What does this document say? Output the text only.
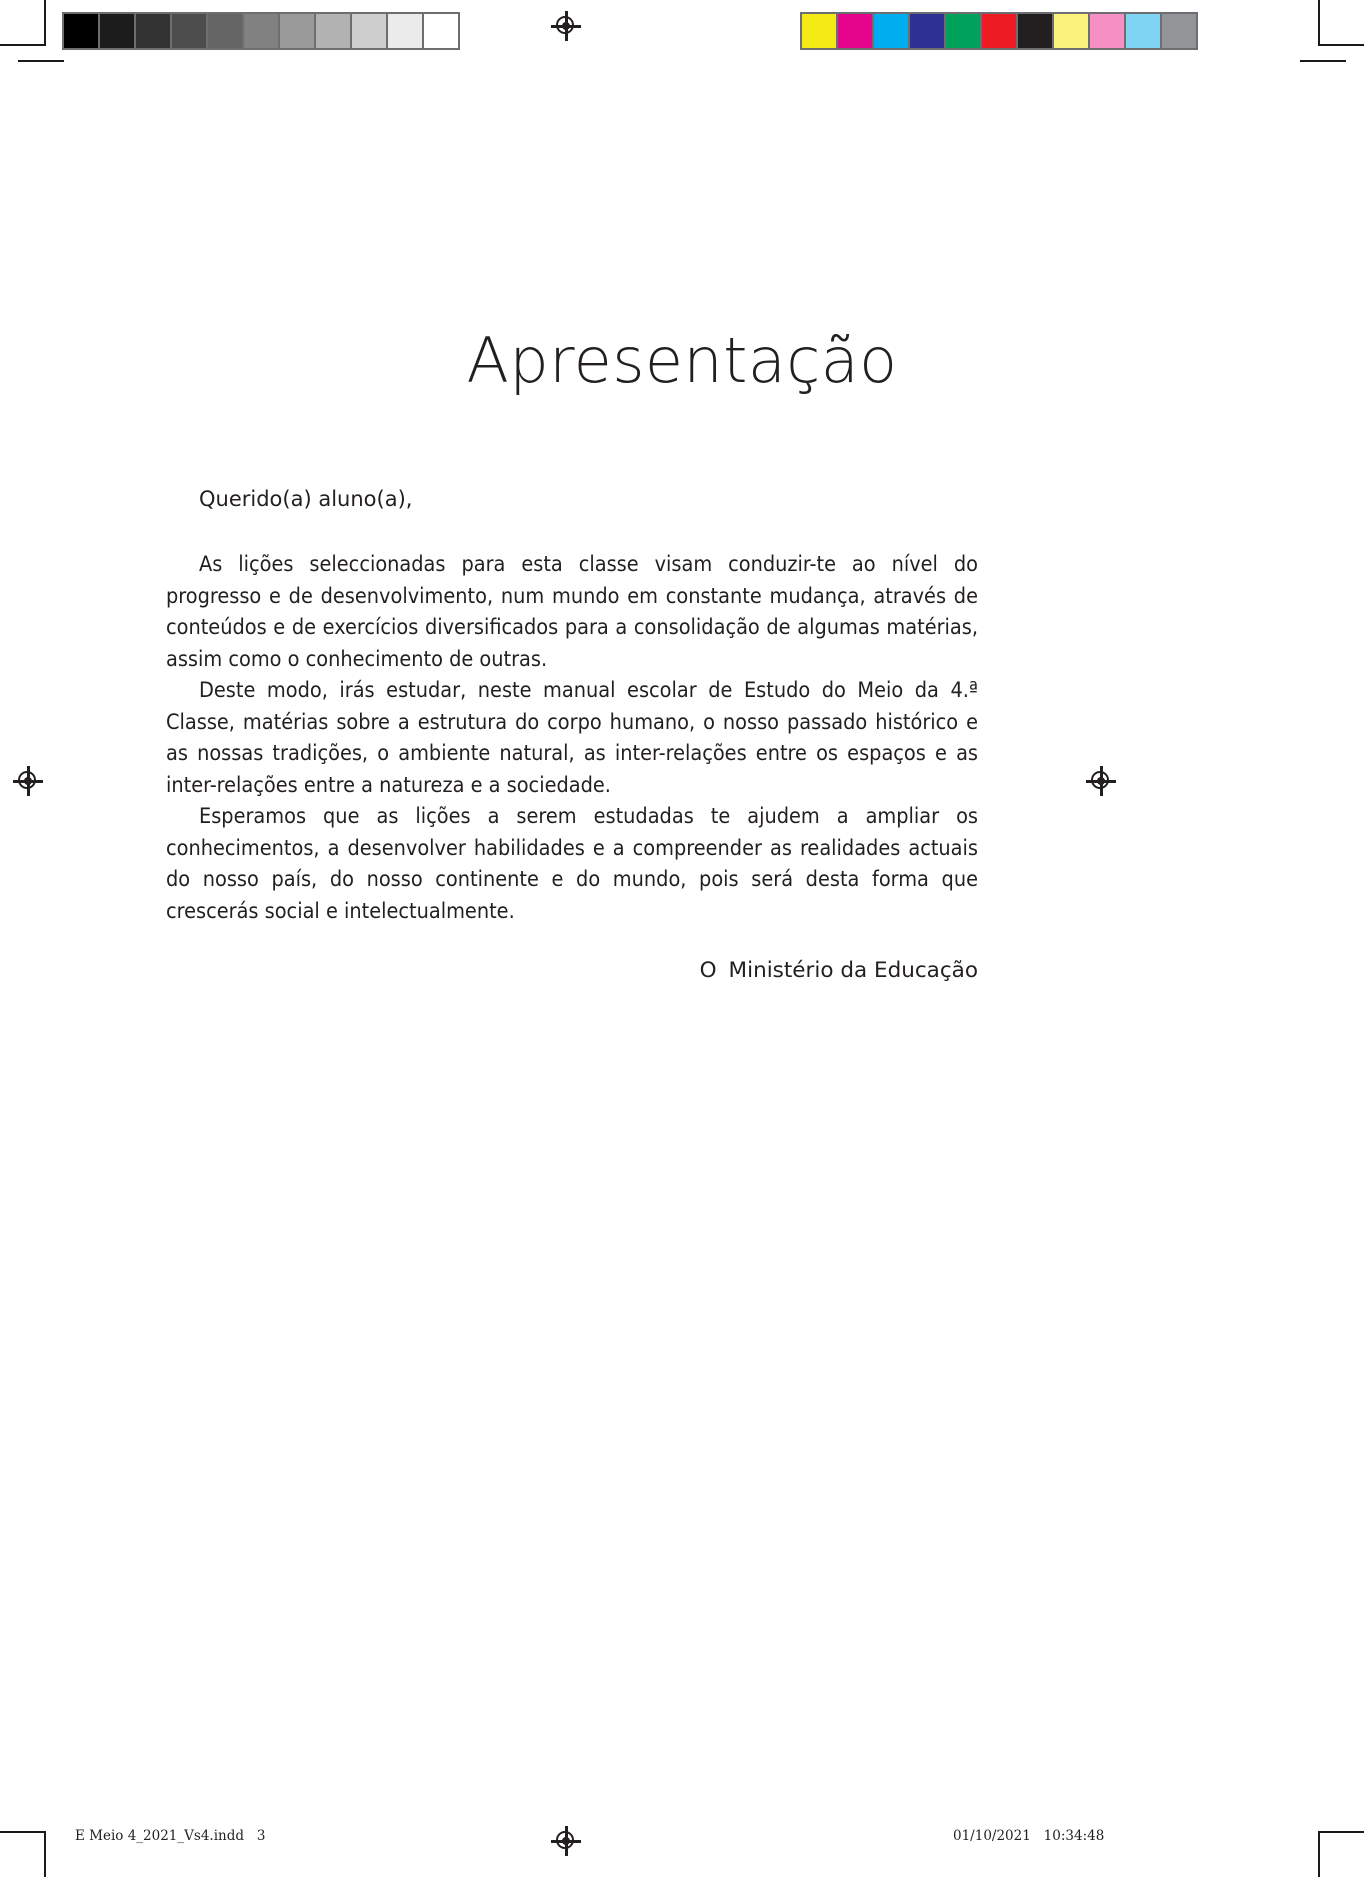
Apresentação

Querido(a) aluno(a),

As lições seleccionadas para esta classe visam conduzir-te ao nível do progresso e de desenvolvimento, num mundo em constante mudança, através de conteúdos e de exercícios diversificados para a consolidação de algumas matérias, assim como o conhecimento de outras.

Deste modo, irás estudar, neste manual escolar de Estudo do Meio da 4.ª Classe, matérias sobre a estrutura do corpo humano, o nosso passado histórico e as nossas tradições, o ambiente natural, as inter-relações entre os espaços e as inter-relações entre a natureza e a sociedade.

Esperamos que as lições a serem estudadas te ajudem a ampliar os conhecimentos, a desenvolver habilidades e a compreender as realidades actuais do nosso país, do nosso continente e do mundo, pois será desta forma que crescerás social e intelectualmente.

O Ministério da Educação
E Meio 4_2021_Vs4.indd   3	01/10/2021   10:34:48
